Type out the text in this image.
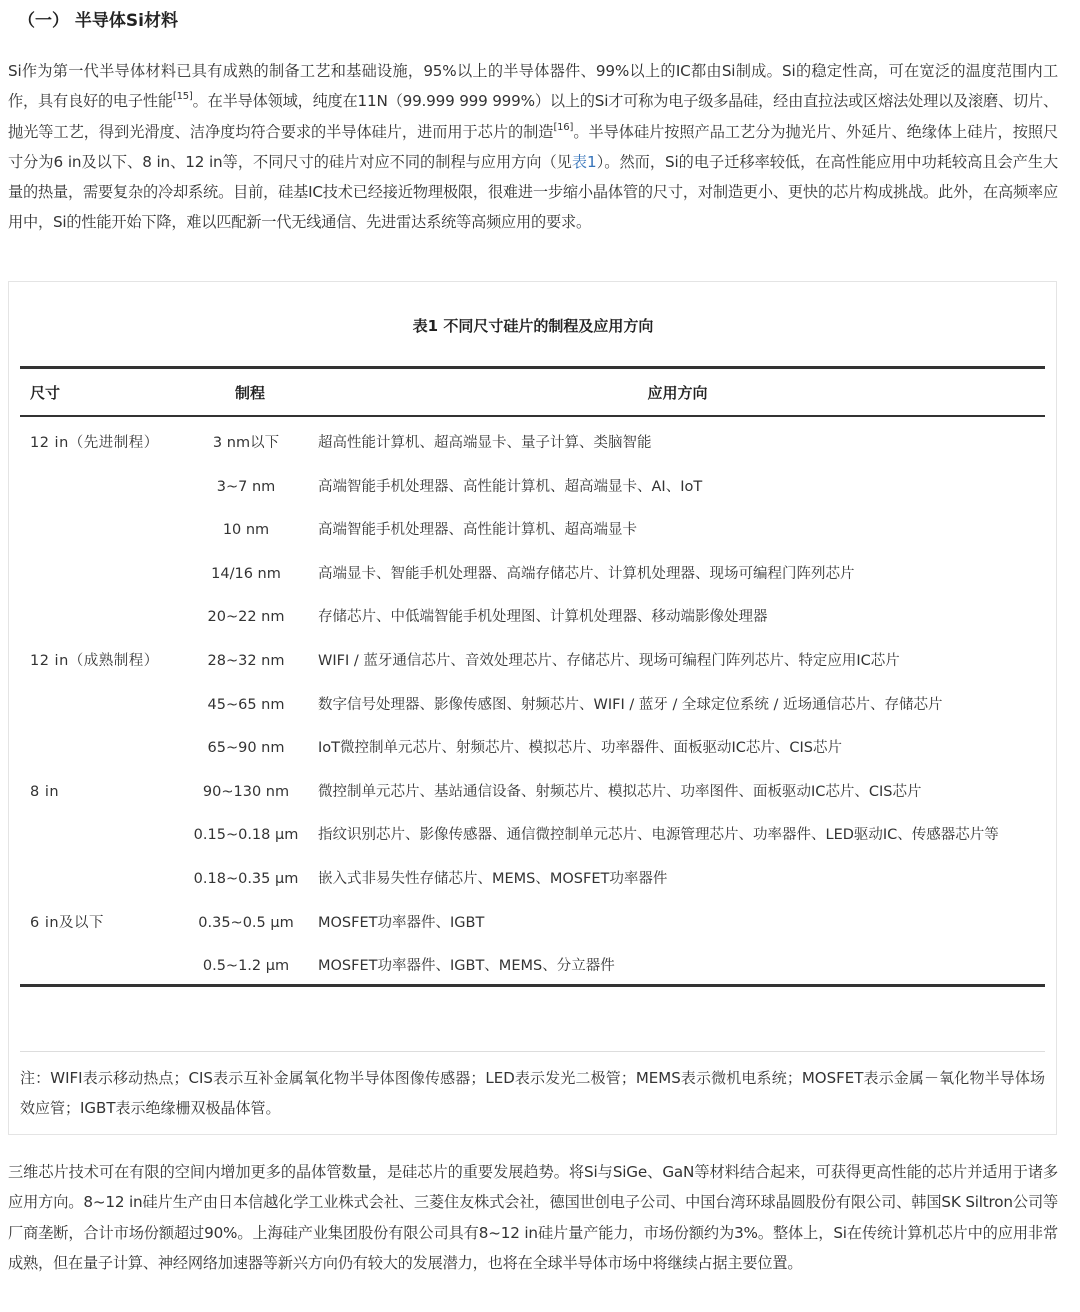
（一） 半导体Si材料
Si作为第一代半导体材料已具有成熟的制备工艺和基础设施，95%以上的半导体器件、99%以上的IC都由Si制成。Si的稳定性高，可在宽泛的温度范围内工作，具有良好的电子性能[15]。在半导体领域，纯度在11N（99.999 999 999%）以上的Si才可称为电子级多晶硅，经由直拉法或区熔法处理以及滚磨、切片、抛光等工艺，得到光滑度、洁净度均符合要求的半导体硅片，进而用于芯片的制造[16]。半导体硅片按照产品工艺分为抛光片、外延片、绝缘体上硅片，按照尺寸分为6 in及以下、8 in、12 in等，不同尺寸的硅片对应不同的制程与应用方向（见表1）。然而，Si的电子迁移率较低，在高性能应用中功耗较高且会产生大量的热量，需要复杂的冷却系统。目前，硅基IC技术已经接近物理极限，很难进一步缩小晶体管的尺寸，对制造更小、更快的芯片构成挑战。此外，在高频率应用中，Si的性能开始下降，难以匹配新一代无线通信、先进雷达系统等高频应用的要求。
表1 不同尺寸硅片的制程及应用方向
尺寸	制程	应用方向
12 in（先进制程）	3 nm以下	超高性能计算机、超高端显卡、量子计算、类脑智能
	3~7 nm	高端智能手机处理器、高性能计算机、超高端显卡、AI、IoT
	10 nm	高端智能手机处理器、高性能计算机、超高端显卡
	14/16 nm	高端显卡、智能手机处理器、高端存储芯片、计算机处理器、现场可编程门阵列芯片
	20~22 nm	存储芯片、中低端智能手机处理图、计算机处理器、移动端影像处理器
12 in（成熟制程）	28~32 nm	WIFI / 蓝牙通信芯片、音效处理芯片、存储芯片、现场可编程门阵列芯片、特定应用IC芯片
	45~65 nm	数字信号处理器、影像传感图、射频芯片、WIFI / 蓝牙 / 全球定位系统 / 近场通信芯片、存储芯片
	65~90 nm	IoT微控制单元芯片、射频芯片、模拟芯片、功率器件、面板驱动IC芯片、CIS芯片
8 in	90~130 nm	微控制单元芯片、基站通信设备、射频芯片、模拟芯片、功率图件、面板驱动IC芯片、CIS芯片
	0.15~0.18 μm	指纹识别芯片、影像传感器、通信微控制单元芯片、电源管理芯片、功率器件、LED驱动IC、传感器芯片等
	0.18~0.35 μm	嵌入式非易失性存储芯片、MEMS、MOSFET功率器件
6 in及以下	0.35~0.5 μm	MOSFET功率器件、IGBT
	0.5~1.2 μm	MOSFET功率器件、IGBT、MEMS、分立器件
注：WIFI表示移动热点；CIS表示互补金属氧化物半导体图像传感器；LED表示发光二极管；MEMS表示微机电系统；MOSFET表示金属－氧化物半导体场效应管；IGBT表示绝缘栅双极晶体管。
三维芯片技术可在有限的空间内增加更多的晶体管数量，是硅芯片的重要发展趋势。将Si与SiGe、GaN等材料结合起来，可获得更高性能的芯片并适用于诸多应用方向。8~12 in硅片生产由日本信越化学工业株式会社、三菱住友株式会社，德国世创电子公司、中国台湾环球晶圆股份有限公司、韩国SK Siltron公司等厂商垄断，合计市场份额超过90%。上海硅产业集团股份有限公司具有8~12 in硅片量产能力，市场份额约为3%。整体上，Si在传统计算机芯片中的应用非常成熟，但在量子计算、神经网络加速器等新兴方向仍有较大的发展潜力，也将在全球半导体市场中将继续占据主要位置。
